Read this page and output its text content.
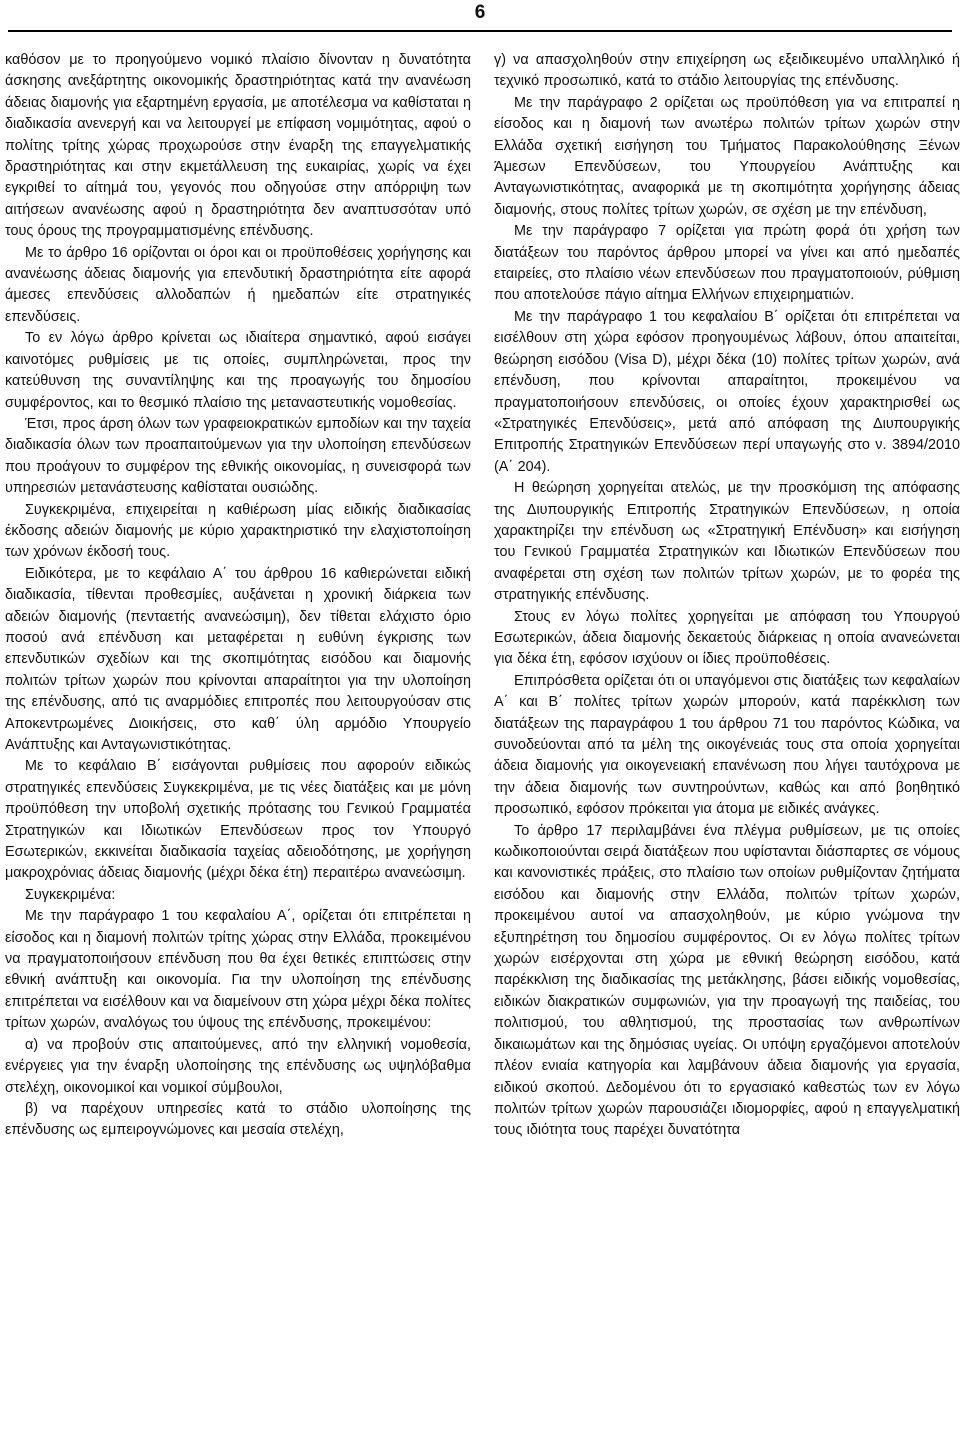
6

καθόσον με το προηγούμενο νομικό πλαίσιο δίνονταν η δυνατότητα άσκησης ανεξάρτητης οικονομικής δραστηριότητας κατά την ανανέωση άδειας διαμονής για εξαρτημένη εργασία, με αποτέλεσμα να καθίσταται η διαδικασία ανενεργή και να λειτουργεί με επίφαση νομιμότητας, αφού ο πολίτης τρίτης χώρας προχωρούσε στην έναρξη της επαγγελματικής δραστηριότητας και στην εκμετάλλευση της ευκαιρίας, χωρίς να έχει εγκριθεί το αίτημά του, γεγονός που οδηγούσε στην απόρριψη των αιτήσεων ανανέωσης αφού η δραστηριότητα δεν αναπτυσσόταν υπό τους όρους της προγραμματισμένης επένδυσης.

Με το άρθρο 16 ορίζονται οι όροι και οι προϋποθέσεις χορήγησης και ανανέωσης άδειας διαμονής για επενδυτική δραστηριότητα είτε αφορά άμεσες επενδύσεις αλλοδαπών ή ημεδαπών είτε στρατηγικές επενδύσεις.

Το εν λόγω άρθρο κρίνεται ως ιδιαίτερα σημαντικό, αφού εισάγει καινοτόμες ρυθμίσεις με τις οποίες, συμπληρώνεται, προς την κατεύθυνση της συναντίληψης και της προαγωγής του δημοσίου συμφέροντος, και το θεσμικό πλαίσιο της μεταναστευτικής νομοθεσίας.

Έτσι, προς άρση όλων των γραφειοκρατικών εμποδίων και την ταχεία διαδικασία όλων των προαπαιτούμενων για την υλοποίηση επενδύσεων που προάγουν το συμφέρον της εθνικής οικονομίας, η συνεισφορά των υπηρεσιών μετανάστευσης καθίσταται ουσιώδης.

Συγκεκριμένα, επιχειρείται η καθιέρωση μίας ειδικής διαδικασίας έκδοσης αδειών διαμονής με κύριο χαρακτηριστικό την ελαχιστοποίηση των χρόνων έκδοσή τους.

Ειδικότερα, με το κεφάλαιο Α΄ του άρθρου 16 καθιερώνεται ειδική διαδικασία, τίθενται προθεσμίες, αυξάνεται η χρονική διάρκεια των αδειών διαμονής (πενταετής ανανεώσιμη), δεν τίθεται ελάχιστο όριο ποσού ανά επένδυση και μεταφέρεται η ευθύνη έγκρισης των επενδυτικών σχεδίων και της σκοπιμότητας εισόδου και διαμονής πολιτών τρίτων χωρών που κρίνονται απαραίτητοι για την υλοποίηση της επένδυσης, από τις αναρμόδιες επιτροπές που λειτουργούσαν στις Αποκεντρωμένες Διοικήσεις, στο καθ΄ ύλη αρμόδιο Υπουργείο Ανάπτυξης και Ανταγωνιστικότητας.

Με το κεφάλαιο Β΄ εισάγονται ρυθμίσεις που αφορούν ειδικώς στρατηγικές επενδύσεις Συγκεκριμένα, με τις νέες διατάξεις και με μόνη προϋπόθεση την υποβολή σχετικής πρότασης του Γενικού Γραμματέα Στρατηγικών και Ιδιωτικών Επενδύσεων προς τον Υπουργό Εσωτερικών, εκκινείται διαδικασία ταχείας αδειοδότησης, με χορήγηση μακροχρόνιας άδειας διαμονής (μέχρι δέκα έτη) περαιτέρω ανανεώσιμη.

Συγκεκριμένα:

Με την παράγραφο 1 του κεφαλαίου Α΄, ορίζεται ότι επιτρέπεται η είσοδος και η διαμονή πολιτών τρίτης χώρας στην Ελλάδα, προκειμένου να πραγματοποιήσουν επένδυση που θα έχει θετικές επιπτώσεις στην εθνική ανάπτυξη και οικονομία. Για την υλοποίηση της επένδυσης επιτρέπεται να εισέλθουν και να διαμείνουν στη χώρα μέχρι δέκα πολίτες τρίτων χωρών, αναλόγως του ύψους της επένδυσης, προκειμένου:

α) να προβούν στις απαιτούμενες, από την ελληνική νομοθεσία, ενέργειες για την έναρξη υλοποίησης της επένδυσης ως υψηλόβαθμα στελέχη, οικονομικοί και νομικοί σύμβουλοι,

β) να παρέχουν υπηρεσίες κατά το στάδιο υλοποίησης της επένδυσης ως εμπειρογνώμονες και μεσαία στελέχη,

γ) να απασχοληθούν στην επιχείρηση ως εξειδικευμένο υπαλληλικό ή τεχνικό προσωπικό, κατά το στάδιο λειτουργίας της επένδυσης.

Με την παράγραφο 2 ορίζεται ως προϋπόθεση για να επιτραπεί η είσοδος και η διαμονή των ανωτέρω πολιτών τρίτων χωρών στην Ελλάδα σχετική εισήγηση του Τμήματος Παρακολούθησης Ξένων Άμεσων Επενδύσεων, του Υπουργείου Ανάπτυξης και Ανταγωνιστικότητας, αναφορικά με τη σκοπιμότητα χορήγησης άδειας διαμονής, στους πολίτες τρίτων χωρών, σε σχέση με την επένδυση,

Με την παράγραφο 7 ορίζεται για πρώτη φορά ότι χρήση των διατάξεων του παρόντος άρθρου μπορεί να γίνει και από ημεδαπές εταιρείες, στο πλαίσιο νέων επενδύσεων που πραγματοποιούν, ρύθμιση που αποτελούσε πάγιο αίτημα Ελλήνων επιχειρηματιών.

Με την παράγραφο 1 του κεφαλαίου Β΄ ορίζεται ότι επιτρέπεται να εισέλθουν στη χώρα εφόσον προηγουμένως λάβουν, όπου απαιτείται, θεώρηση εισόδου (Visa D), μέχρι δέκα (10) πολίτες τρίτων χωρών, ανά επένδυση, που κρίνονται απαραίτητοι, προκειμένου να πραγματοποιήσουν επενδύσεις, οι οποίες έχουν χαρακτηρισθεί ως «Στρατηγικές Επενδύσεις», μετά από απόφαση της Διυπουργικής Επιτροπής Στρατηγικών Επενδύσεων περί υπαγωγής στο ν. 3894/2010 (Α΄ 204).

Η θεώρηση χορηγείται ατελώς, με την προσκόμιση της απόφασης της Διυπουργικής Επιτροπής Στρατηγικών Επενδύσεων, η οποία χαρακτηρίζει την επένδυση ως «Στρατηγική Επένδυση» και εισήγηση του Γενικού Γραμματέα Στρατηγικών και Ιδιωτικών Επενδύσεων που αναφέρεται στη σχέση των πολιτών τρίτων χωρών, με το φορέα της στρατηγικής επένδυσης.

Στους εν λόγω πολίτες χορηγείται με απόφαση του Υπουργού Εσωτερικών, άδεια διαμονής δεκαετούς διάρκειας η οποία ανανεώνεται για δέκα έτη, εφόσον ισχύουν οι ίδιες προϋποθέσεις.

Επιπρόσθετα ορίζεται ότι οι υπαγόμενοι στις διατάξεις των κεφαλαίων Α΄ και Β΄ πολίτες τρίτων χωρών μπορούν, κατά παρέκκλιση των διατάξεων της παραγράφου 1 του άρθρου 71 του παρόντος Κώδικα, να συνοδεύονται από τα μέλη της οικογένειάς τους στα οποία χορηγείται άδεια διαμονής για οικογενειακή επανένωση που λήγει ταυτόχρονα με την άδεια διαμονής των συντηρούντων, καθώς και από βοηθητικό προσωπικό, εφόσον πρόκειται για άτομα με ειδικές ανάγκες.

Το άρθρο 17 περιλαμβάνει ένα πλέγμα ρυθμίσεων, με τις οποίες κωδικοποιούνται σειρά διατάξεων που υφίστανται διάσπαρτες σε νόμους και κανονιστικές πράξεις, στο πλαίσιο των οποίων ρυθμίζονταν ζητήματα εισόδου και διαμονής στην Ελλάδα, πολιτών τρίτων χωρών, προκειμένου αυτοί να απασχοληθούν, με κύριο γνώμονα την εξυπηρέτηση του δημοσίου συμφέροντος. Οι εν λόγω πολίτες τρίτων χωρών εισέρχονται στη χώρα με εθνική θεώρηση εισόδου, κατά παρέκκλιση της διαδικασίας της μετάκλησης, βάσει ειδικής νομοθεσίας, ειδικών διακρατικών συμφωνιών, για την προαγωγή της παιδείας, του πολιτισμού, του αθλητισμού, της προστασίας των ανθρωπίνων δικαιωμάτων και της δημόσιας υγείας. Οι υπόψη εργαζόμενοι αποτελούν πλέον ενιαία κατηγορία και λαμβάνουν άδεια διαμονής για εργασία, ειδικού σκοπού. Δεδομένου ότι το εργασιακό καθεστώς των εν λόγω πολιτών τρίτων χωρών παρουσιάζει ιδιομορφίες, αφού η επαγγελματική τους ιδιότητα τους παρέχει δυνατότητα
